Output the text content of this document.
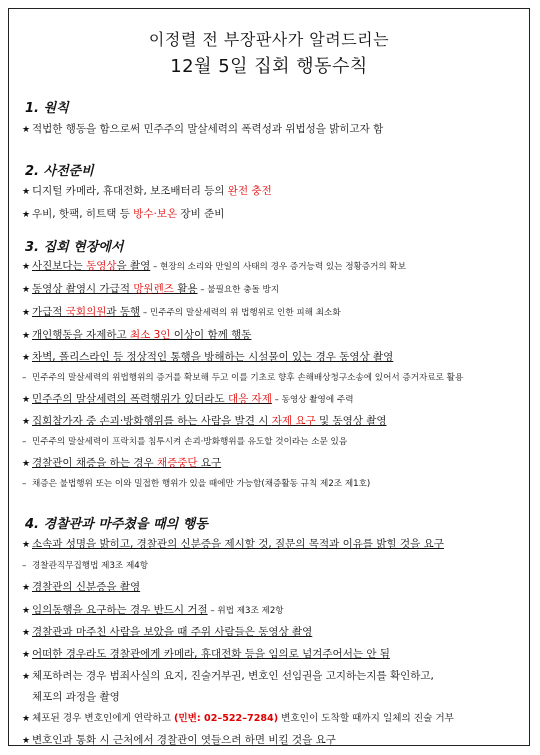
이정렬 전 부장판사가 알려드리는
12월 5일 집회 행동수칙
1. 원칙
★ 적법한 행동을 함으로써 민주주의 말살세력의 폭력성과 위법성을 밝히고자 함
2. 사전준비
★ 디지털 카메라, 휴대전화, 보조배터리 등의 완전 충전
★ 우비, 핫팩, 히트택 등 방수·보온 장비 준비
3. 집회 현장에서
★ 사진보다는 동영상을 촬영 – 현장의 소리와 만일의 사태의 경우 증거능력 있는 정황증거의 확보
★ 동영상 촬영시 가급적 망원렌즈 활용 – 불필요한 충돌 방지
★ 가급적 국회의원과 동행 – 민주주의 말살세력의 위 법행위로 인한 피해 최소화
★ 개인행동을 자제하고 최소 3인 이상이 함께 행동
★ 차벽, 폴리스라인 등 정상적인 통행을 방해하는 시설물이 있는 경우 동영상 촬영
– 민주주의 말살세력의 위법행위의 증거를 확보해 두고 이를 기초로 향후 손해배상청구소송에 있어서 증거자료로 활용
★ 민주주의 말살세력의 폭력행위가 있더라도 대응 자제 – 동영상 촬영에 주력
★ 집회참가자 중 손괴·방화행위를 하는 사람을 발견 시 자제 요구 및 동영상 촬영
– 민주주의 말살세력이 프락치를 침투시켜 손괴·방화행위를 유도할 것이라는 소문 있음
★ 경찰관이 채증을 하는 경우 채증중단 요구
– 채증은 불법행위 또는 이와 밀접한 행위가 있을 때에만 가능함(채증활동 규칙 제2조 제1호)
4. 경찰관과 마주쳤을 때의 행동
★ 소속과 성명을 밝히고, 경찰관의 신분증을 제시할 것, 질문의 목적과 이유를 밝힐 것을 요구
– 경찰관직무집행법 제3조 제4항
★ 경찰관의 신분증을 촬영
★ 임의동행을 요구하는 경우 반드시 거절 – 위법 제3조 제2항
★ 경찰관과 마주친 사람을 보았을 때 주위 사람들은 동영상 촬영
★ 어떠한 경우라도 경찰관에게 카메라, 휴대전화 등을 임의로 넘겨주어서는 안 됨
★ 체포하려는 경우 범죄사실의 요지, 진술거부권, 변호인 선임권을 고지하는지를 확인하고,
체포의 과정을 촬영
★ 체포된 경우 변호인에게 연락하고 (민변: 02–522–7284) 변호인이 도착할 때까지 일체의 진술 거부
★ 변호인과 통화 시 근처에서 경찰관이 엿들으려 하면 비킬 것을 요구
